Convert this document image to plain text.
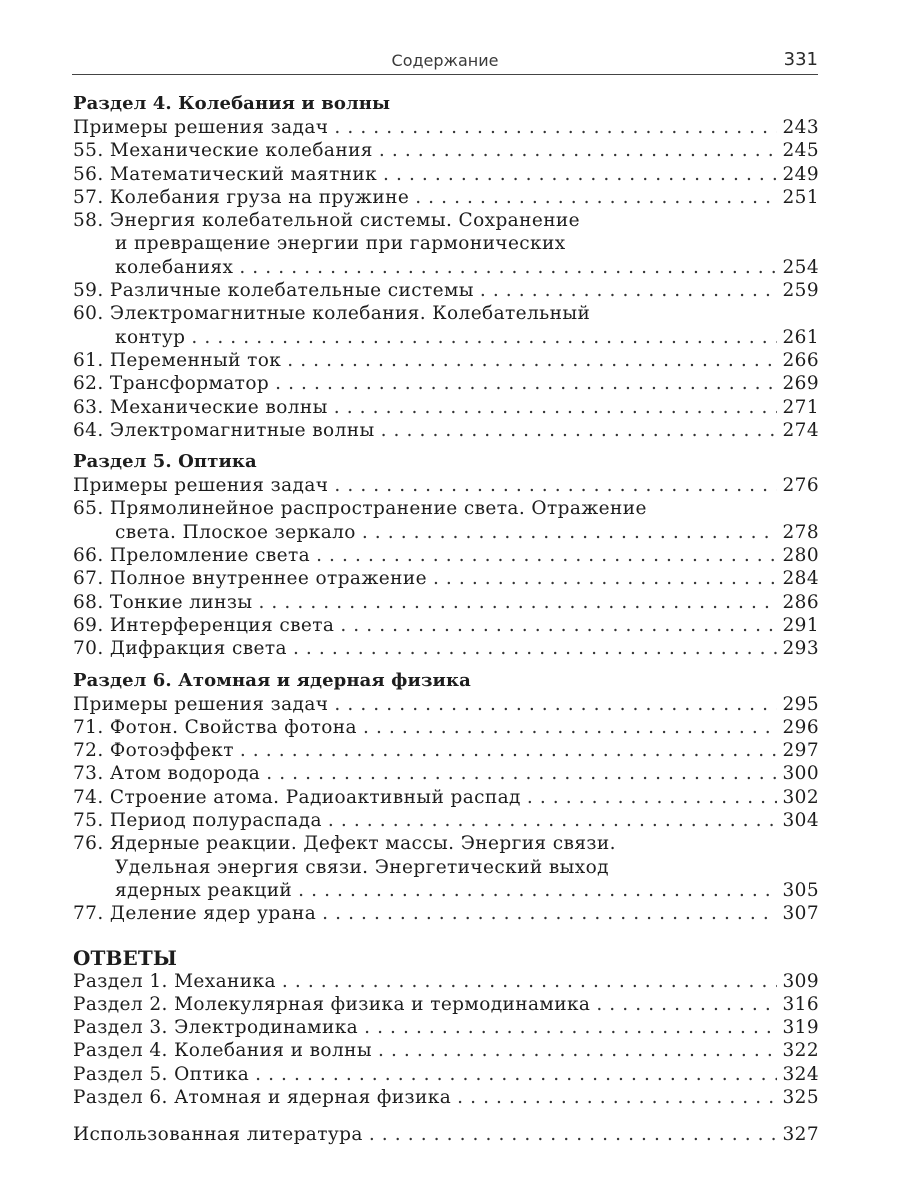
Содержание	331
Раздел 4. Колебания и волны
Примеры решения задач . . .	243
55. Механические колебания . . .	245
56. Математический маятник . . .	249
57. Колебания груза на пружине . . .	251
58. Энергия колебательной системы. Сохранение
и превращение энергии при гармонических
колебаниях . . .	254
59. Различные колебательные системы . . .	259
60. Электромагнитные колебания. Колебательный
контур . . .	261
61. Переменный ток . . .	266
62. Трансформатор . . .	269
63. Механические волны . . .	271
64. Электромагнитные волны . . .	274
Раздел 5. Оптика
Примеры решения задач . . .	276
65. Прямолинейное распространение света. Отражение
света. Плоское зеркало . . .	278
66. Преломление света . . .	280
67. Полное внутреннее отражение . . .	284
68. Тонкие линзы . . .	286
69. Интерференция света . . .	291
70. Дифракция света . . .	293
Раздел 6. Атомная и ядерная физика
Примеры решения задач . . .	295
71. Фотон. Свойства фотона . . .	296
72. Фотоэффект . . .	297
73. Атом водорода . . .	300
74. Строение атома. Радиоактивный распад . . .	302
75. Период полураспада . . .	304
76. Ядерные реакции. Дефект массы. Энергия связи.
Удельная энергия связи. Энергетический выход
ядерных реакций . . .	305
77. Деление ядер урана . . .	307
ОТВЕТЫ
Раздел 1. Механика . . .	309
Раздел 2. Молекулярная физика и термодинамика . . .	316
Раздел 3. Электродинамика . . .	319
Раздел 4. Колебания и волны . . .	322
Раздел 5. Оптика . . .	324
Раздел 6. Атомная и ядерная физика . . .	325
Использованная литература . . .	327
